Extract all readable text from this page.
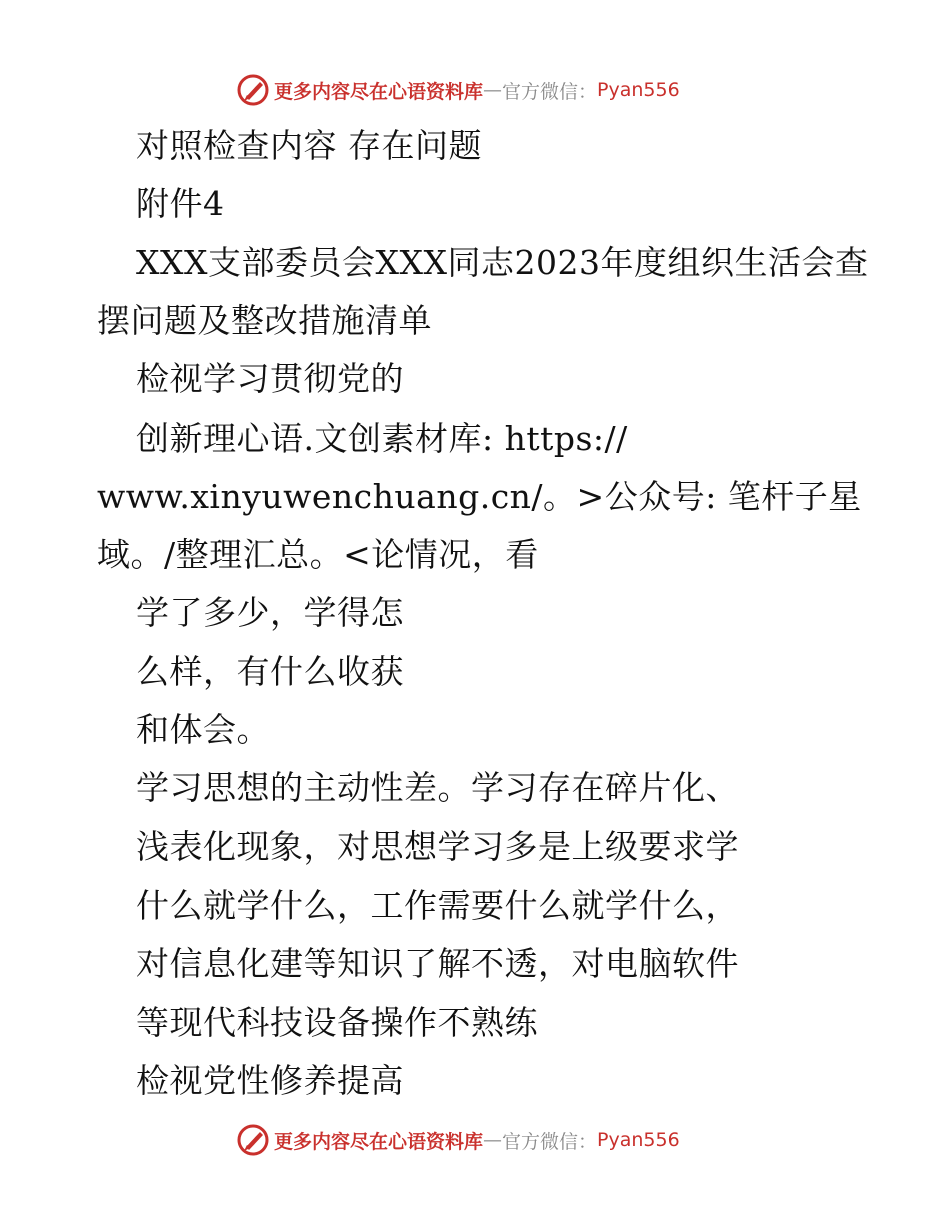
更多内容尽在心语资料库 — 官方微信： Pyan556
对照检查内容 存在问题
附件4
XXX支部委员会XXX同志2023年度组织生活会查
摆问题及整改措施清单
检视学习贯彻党的
创新理心语.文创素材库: https://
www.xinyuwenchuang.cn/。>公众号: 笔杆子星
域。/整理汇总。<论情况，看
学了多少，学得怎
么样，有什么收获
和体会。
学习思想的主动性差。学习存在碎片化、
浅表化现象，对思想学习多是上级要求学
什么就学什么，工作需要什么就学什么，
对信息化建等知识了解不透，对电脑软件
等现代科技设备操作不熟练
检视党性修养提高
更多内容尽在心语资料库 — 官方微信： Pyan556
